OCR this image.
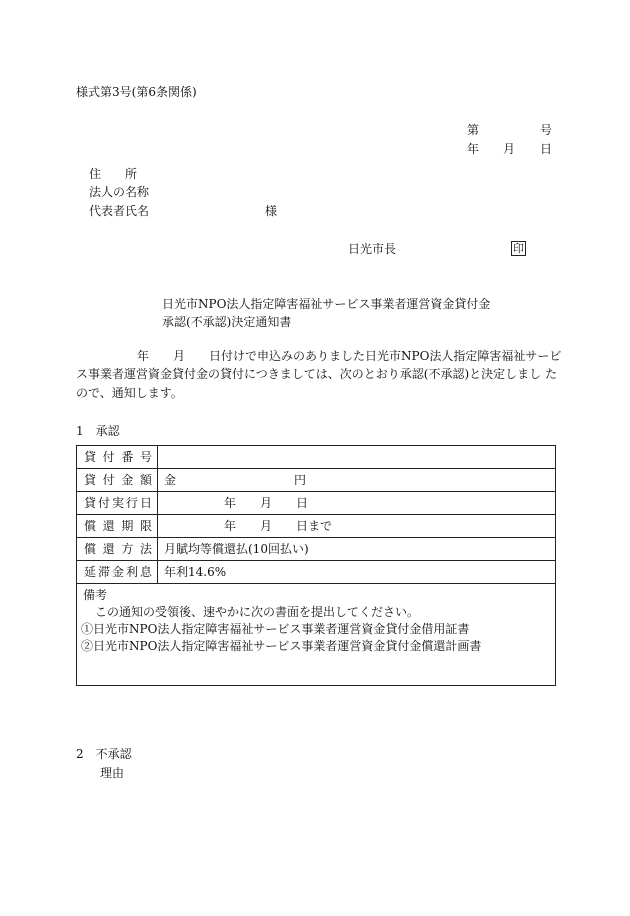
様式第3号(第6条関係)
第	号
年 月 日
住　　所
法人の名称
代表者氏名	様
日光市長	印
日光市NPO法人指定障害福祉サービス事業者運営資金貸付金
承認(不承認)決定通知書
年　　月　　日付けで申込みのありました日光市NPO法人指定障害福祉サービ
ス事業者運営資金貸付金の貸付につきましては、次のとおり承認(不承認)と決定しまし た
ので、通知します。
1　承認
貸付番号	

貸付金額	金 円

貸付実行日	年　　月　　日

償還期限	年　　月　　日まで

償還方法	月賦均等償還払(10回払い)

延滞金利息	年利14.6%
備考
この通知の受領後、速やかに次の書面を提出してください。
①日光市NPO法人指定障害福祉サービス事業者運営資金貸付金借用証書
②日光市NPO法人指定障害福祉サービス事業者運営資金貸付金償還計画書
2　不承認
理由
